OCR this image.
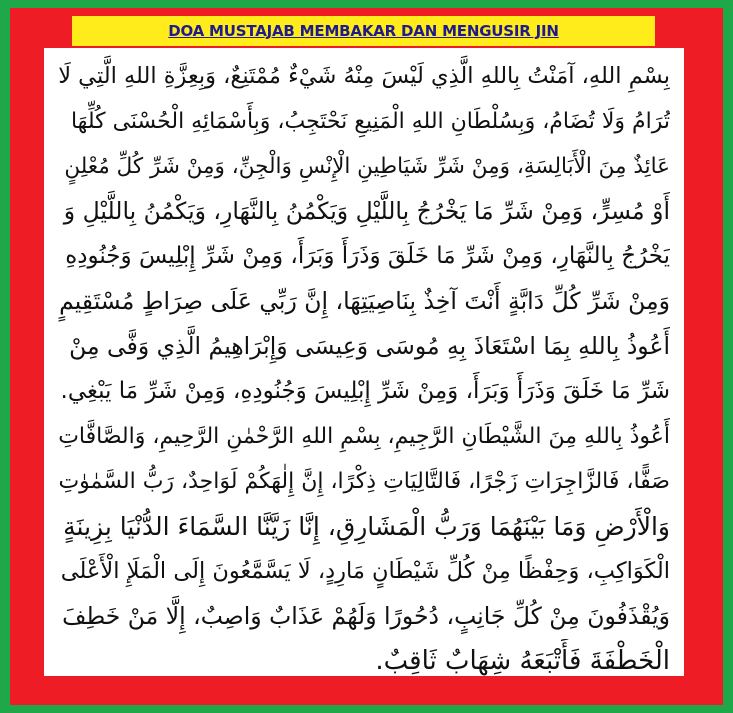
DOA MUSTAJAB MEMBAKAR DAN MENGUSIR JIN
بِسْمِ اللهِ، آمَنْتُ بِاللهِ الَّذِي لَيْسَ مِنْهُ شَيْءٌ مُمْتَنِعٌ، وَبِعِزَّةِ اللهِ الَّتِي لَا
تُرَامُ وَلَا تُضَامُ، وَبِسُلْطَانِ اللهِ الْمَنِيعِ نَحْتَجِبُ، وَبِأَسْمَائِهِ الْحُسْنَى كُلِّهَا
عَائِذٌ مِنَ الْأَبَالِسَةِ، وَمِنْ شَرِّ شَيَاطِينِ الْإِنْسِ وَالْجِنِّ، وَمِنْ شَرِّ كُلِّ مُعْلِنٍ
أَوْ مُسِرٍّ، وَمِنْ شَرِّ مَا يَخْرُجُ بِاللَّيْلِ وَيَكْمُنُ بِالنَّهَارِ، وَيَكْمُنُ بِاللَّيْلِ وَ
يَخْرُجُ بِالنَّهَارِ، وَمِنْ شَرِّ مَا خَلَقَ وَذَرَأَ وَبَرَأَ، وَمِنْ شَرِّ إِبْلِيسَ وَجُنُودِهِ
وَمِنْ شَرِّ كُلِّ دَابَّةٍ أَنْتَ آخِذٌ بِنَاصِيَتِهَا، إِنَّ رَبِّي عَلَى صِرَاطٍ مُسْتَقِيمٍ
أَعُوذُ بِاللهِ بِمَا اسْتَعَاذَ بِهِ مُوسَى وَعِيسَى وَإِبْرَاهِيمُ الَّذِي وَفَّى مِنْ
شَرِّ مَا خَلَقَ وَذَرَأَ وَبَرَأَ، وَمِنْ شَرِّ إِبْلِيسَ وَجُنُودِهِ، وَمِنْ شَرِّ مَا يَبْغِي.
أَعُوذُ بِاللهِ مِنَ الشَّيْطَانِ الرَّجِيمِ، بِسْمِ اللهِ الرَّحْمٰنِ الرَّحِيمِ، وَالصَّافَّاتِ
صَفًّا، فَالزَّاجِرَاتِ زَجْرًا، فَالتَّالِيَاتِ ذِكْرًا، إِنَّ إِلٰهَكُمْ لَوَاحِدٌ، رَبُّ السَّمٰوٰتِ
وَالْأَرْضِ وَمَا بَيْنَهُمَا وَرَبُّ الْمَشَارِقِ، إِنَّا زَيَّنَّا السَّمَاءَ الدُّنْيَا بِزِينَةٍ
الْكَوَاكِبِ، وَحِفْظًا مِنْ كُلِّ شَيْطَانٍ مَارِدٍ، لَا يَسَّمَّعُونَ إِلَى الْمَلَإِ الْأَعْلَى
وَيُقْذَفُونَ مِنْ كُلِّ جَانِبٍ، دُحُورًا وَلَهُمْ عَذَابٌ وَاصِبٌ، إِلَّا مَنْ خَطِفَ
الْخَطْفَةَ فَأَتْبَعَهُ شِهَابٌ ثَاقِبٌ.
